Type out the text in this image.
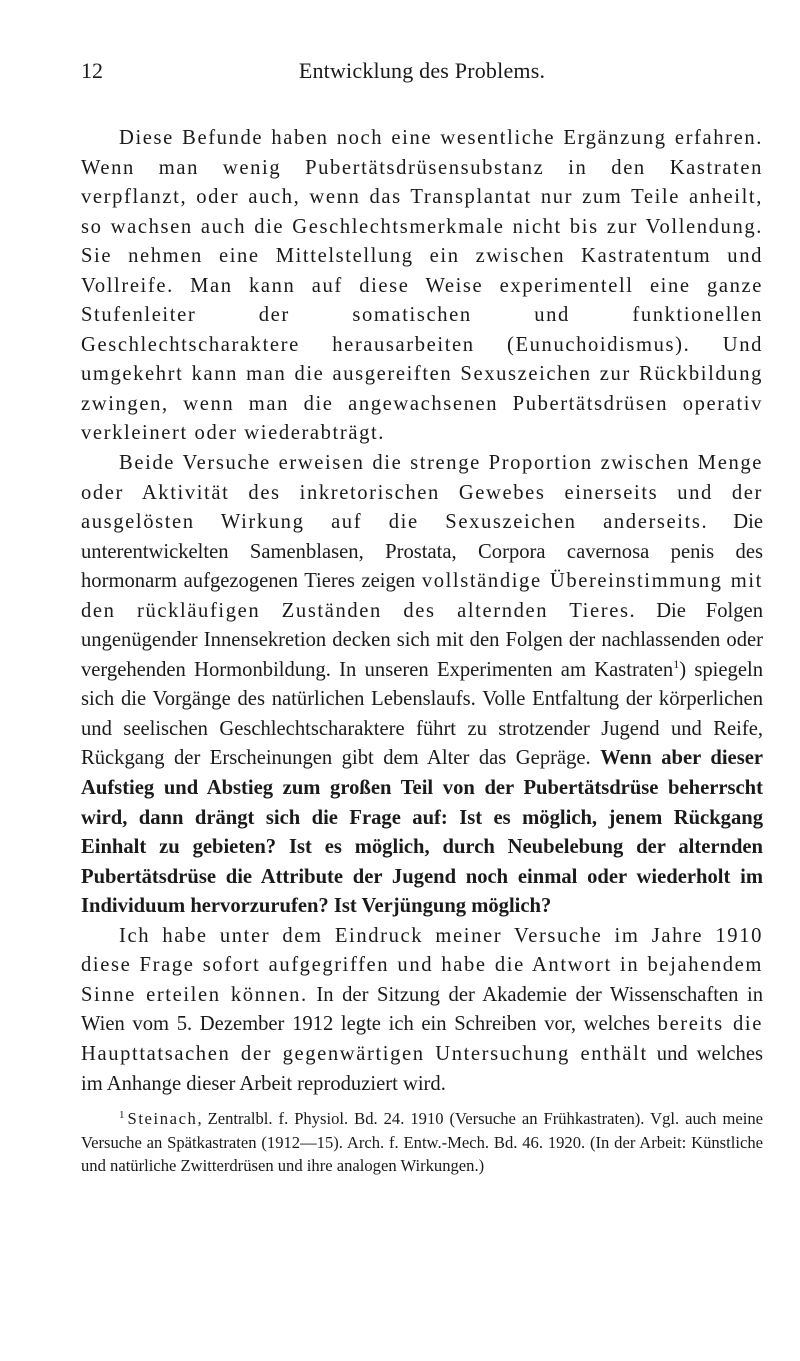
12	Entwicklung des Problems.

Diese Befunde haben noch eine wesentliche Ergänzung erfahren. Wenn man wenig Pubertätsdrüsensubstanz in den Kastraten verpflanzt, oder auch, wenn das Transplantat nur zum Teile anheilt, so wachsen auch die Geschlechtsmerkmale nicht bis zur Vollendung. Sie nehmen eine Mittelstellung ein zwischen Kastratentum und Vollreife. Man kann auf diese Weise experimentell eine ganze Stufenleiter der somatischen und funktionellen Geschlechtscharaktere herausarbeiten (Eunuchoidismus). Und umgekehrt kann man die ausgereiften Sexuszeichen zur Rückbildung zwingen, wenn man die angewachsenen Pubertätsdrüsen operativ verkleinert oder wiederabträgt.

Beide Versuche erweisen die strenge Proportion zwischen Menge oder Aktivität des inkretorischen Gewebes einerseits und der ausgelösten Wirkung auf die Sexuszeichen anderseits. Die unterentwickelten Samenblasen, Prostata, Corpora cavernosa penis des hormonarm aufgezogenen Tieres zeigen vollständige Übereinstimmung mit den rückläufigen Zuständen des alternden Tieres. Die Folgen ungenügender Innensekretion decken sich mit den Folgen der nachlassenden oder vergehenden Hormonbildung. In unseren Experimenten am Kastraten$^1$) spiegeln sich die Vorgänge des natürlichen Lebenslaufs. Volle Entfaltung der körperlichen und seelischen Geschlechtscharaktere führt zu strotzender Jugend und Reife, Rückgang der Erscheinungen gibt dem Alter das Gepräge. Wenn aber dieser Aufstieg und Abstieg zum großen Teil von der Pubertätsdrüse beherrscht wird, dann drängt sich die Frage auf: Ist es möglich, jenem Rückgang Einhalt zu gebieten? Ist es möglich, durch Neubelebung der alternden Pubertätsdrüse die Attribute der Jugend noch einmal oder wiederholt im Individuum hervorzurufen? Ist Verjüngung möglich?

Ich habe unter dem Eindruck meiner Versuche im Jahre 1910 diese Frage sofort aufgegriffen und habe die Antwort in bejahendem Sinne erteilen können. In der Sitzung der Akademie der Wissenschaften in Wien vom 5. Dezember 1912 legte ich ein Schreiben vor, welches bereits die Haupttatsachen der gegenwärtigen Untersuchung enthält und welches im Anhange dieser Arbeit reproduziert wird.

$^1$ Steinach, Zentralbl. f. Physiol. Bd. 24. 1910 (Versuche an Frühkastraten). Vgl. auch meine Versuche an Spätkastraten (1912—15). Arch. f. Entw.-Mech. Bd. 46. 1920. (In der Arbeit: Künstliche und natürliche Zwitterdrüsen und ihre analogen Wirkungen.)
